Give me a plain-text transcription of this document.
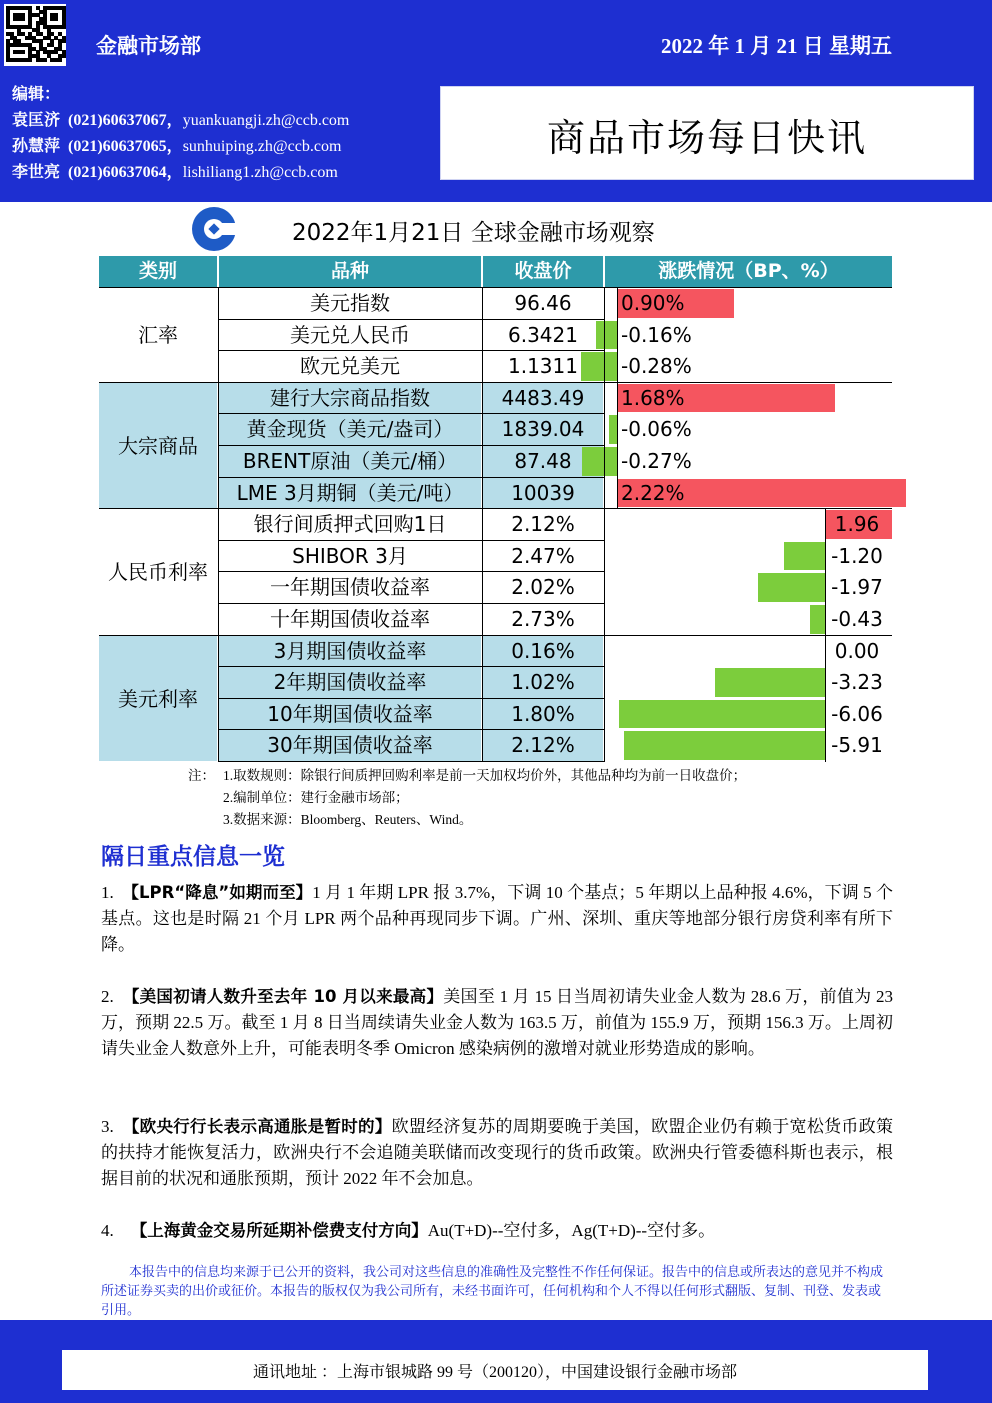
金融市场部	2022 年 1 月 21 日 星期五
编辑：
袁匡济 (021)60637067，yuankuangji.zh@ccb.com
孙慧萍 (021)60637065，sunhuiping.zh@ccb.com
李世亮 (021)60637064，lishiliang1.zh@ccb.com
商品市场每日快讯
2022年1月21日 全球金融市场观察
类别	品种	收盘价	涨跌情况（BP、%）
汇率
美元指数	96.46	0.90%
美元兑人民币	6.3421	-0.16%
欧元兑美元	1.1311	-0.28%
大宗商品
建行大宗商品指数	4483.49	1.68%
黄金现货（美元/盎司）	1839.04	-0.06%
BRENT原油（美元/桶）	87.48	-0.27%
LME 3月期铜（美元/吨）	10039	2.22%
人民币利率
银行间质押式回购1日	2.12%	1.96
SHIBOR 3月	2.47%	-1.20
一年期国债收益率	2.02%	-1.97
十年期国债收益率	2.73%	-0.43
美元利率
3月期国债收益率	0.16%	0.00
2年期国债收益率	1.02%	-3.23
10年期国债收益率	1.80%	-6.06
30年期国债收益率	2.12%	-5.91
注： 1.取数规则：除银行间质押回购利率是前一天加权均价外，其他品种均为前一日收盘价；
2.编制单位：建行金融市场部；
3.数据来源：Bloomberg、Reuters、Wind。
隔日重点信息一览
1. 【LPR“降息”如期而至】1 月 1 年期 LPR 报 3.7%，下调 10 个基点；5 年期以上品种报 4.6%，下调 5 个基点。这也是时隔 21 个月 LPR 两个品种再现同步下调。广州、深圳、重庆等地部分银行房贷利率有所下降。
2. 【美国初请人数升至去年 10 月以来最高】美国至 1 月 15 日当周初请失业金人数为 28.6 万，前值为 23 万，预期 22.5 万。截至 1 月 8 日当周续请失业金人数为 163.5 万，前值为 155.9 万，预期 156.3 万。上周初请失业金人数意外上升，可能表明冬季 Omicron 感染病例的激增对就业形势造成的影响。
3. 【欧央行行长表示高通胀是暂时的】欧盟经济复苏的周期要晚于美国，欧盟企业仍有赖于宽松货币政策的扶持才能恢复活力，欧洲央行不会追随美联储而改变现行的货币政策。欧洲央行管委德科斯也表示，根据目前的状况和通胀预期，预计 2022 年不会加息。
4. 【上海黄金交易所延期补偿费支付方向】Au(T+D)--空付多，Ag(T+D)--空付多。
本报告中的信息均来源于已公开的资料，我公司对这些信息的准确性及完整性不作任何保证。报告中的信息或所表达的意见并不构成所述证券买卖的出价或征价。本报告的版权仅为我公司所有，未经书面许可，任何机构和个人不得以任何形式翻版、复制、刊登、发表或引用。
通讯地址 ：上海市银城路 99 号（200120），中国建设银行金融市场部
